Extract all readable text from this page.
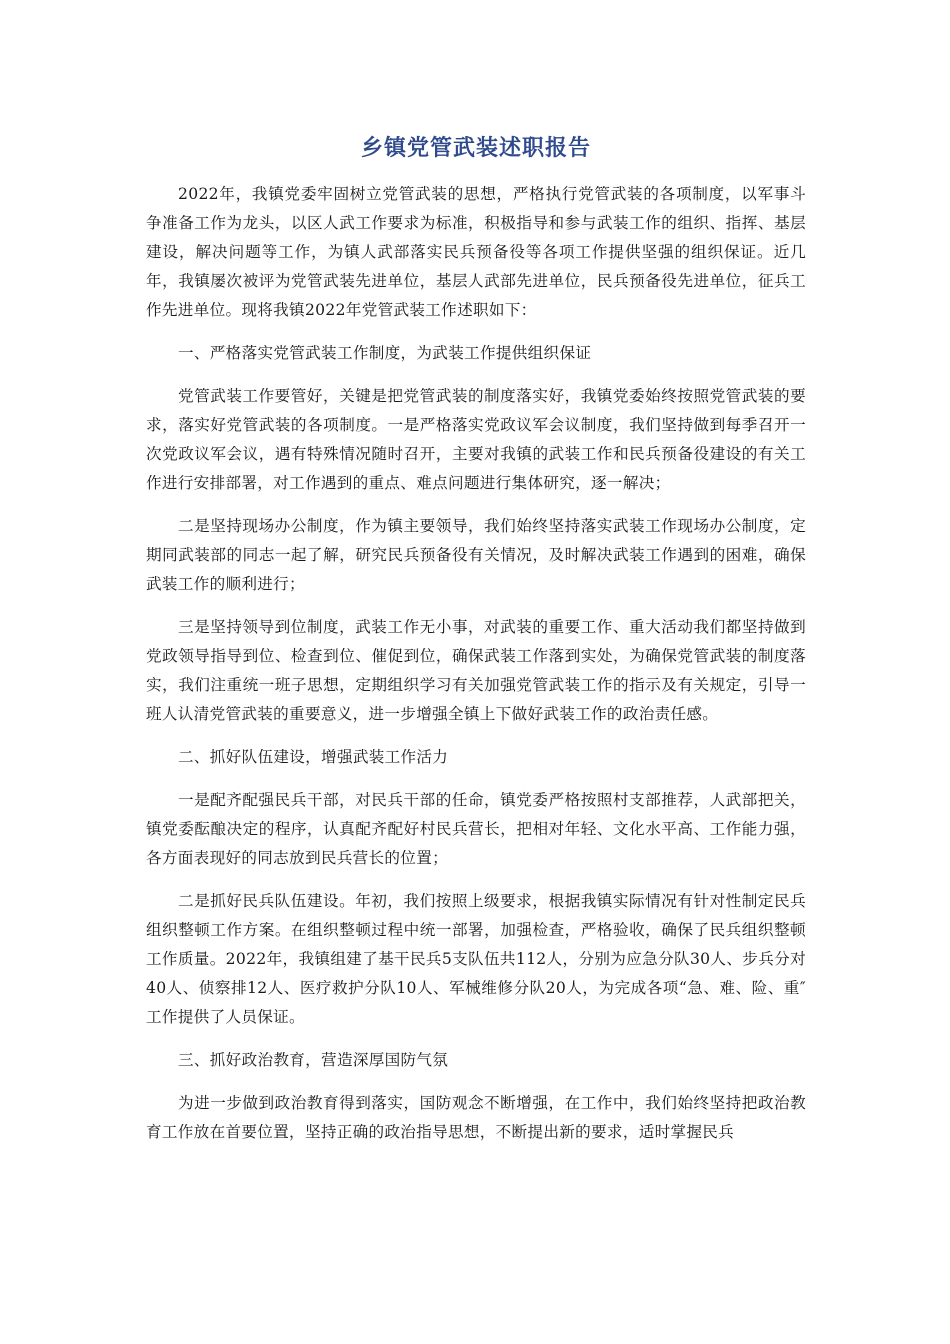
乡镇党管武装述职报告

2022年，我镇党委牢固树立党管武装的思想，严格执行党管武装的各项制度，以军事斗争准备工作为龙头，以区人武工作要求为标准，积极指导和参与武装工作的组织、指挥、基层建设，解决问题等工作，为镇人武部落实民兵预备役等各项工作提供坚强的组织保证。近几年，我镇屡次被评为党管武装先进单位，基层人武部先进单位，民兵预备役先进单位，征兵工作先进单位。现将我镇2022年党管武装工作述职如下：

一、严格落实党管武装工作制度，为武装工作提供组织保证

党管武装工作要管好，关键是把党管武装的制度落实好，我镇党委始终按照党管武装的要求，落实好党管武装的各项制度。一是严格落实党政议军会议制度，我们坚持做到每季召开一次党政议军会议，遇有特殊情况随时召开，主要对我镇的武装工作和民兵预备役建设的有关工作进行安排部署，对工作遇到的重点、难点问题进行集体研究，逐一解决；

二是坚持现场办公制度，作为镇主要领导，我们始终坚持落实武装工作现场办公制度，定期同武装部的同志一起了解，研究民兵预备役有关情况，及时解决武装工作遇到的困难，确保武装工作的顺利进行；

三是坚持领导到位制度，武装工作无小事，对武装的重要工作、重大活动我们都坚持做到党政领导指导到位、检查到位、催促到位，确保武装工作落到实处，为确保党管武装的制度落实，我们注重统一班子思想，定期组织学习有关加强党管武装工作的指示及有关规定，引导一班人认清党管武装的重要意义，进一步增强全镇上下做好武装工作的政治责任感。

二、抓好队伍建设，增强武装工作活力

一是配齐配强民兵干部，对民兵干部的任命，镇党委严格按照村支部推荐，人武部把关，镇党委酝酿决定的程序，认真配齐配好村民兵营长，把相对年轻、文化水平高、工作能力强，各方面表现好的同志放到民兵营长的位置；

二是抓好民兵队伍建设。年初，我们按照上级要求，根据我镇实际情况有针对性制定民兵组织整顿工作方案。在组织整顿过程中统一部署，加强检查，严格验收，确保了民兵组织整顿工作质量。2022年，我镇组建了基干民兵5支队伍共112人，分别为应急分队30人、步兵分对40人、侦察排12人、医疗救护分队10人、军械维修分队20人，为完成各项“急、难、险、重″工作提供了人员保证。

三、抓好政治教育，营造深厚国防气氛

为进一步做到政治教育得到落实，国防观念不断增强，在工作中，我们始终坚持把政治教育工作放在首要位置，坚持正确的政治指导思想，不断提出新的要求，适时掌握民兵
